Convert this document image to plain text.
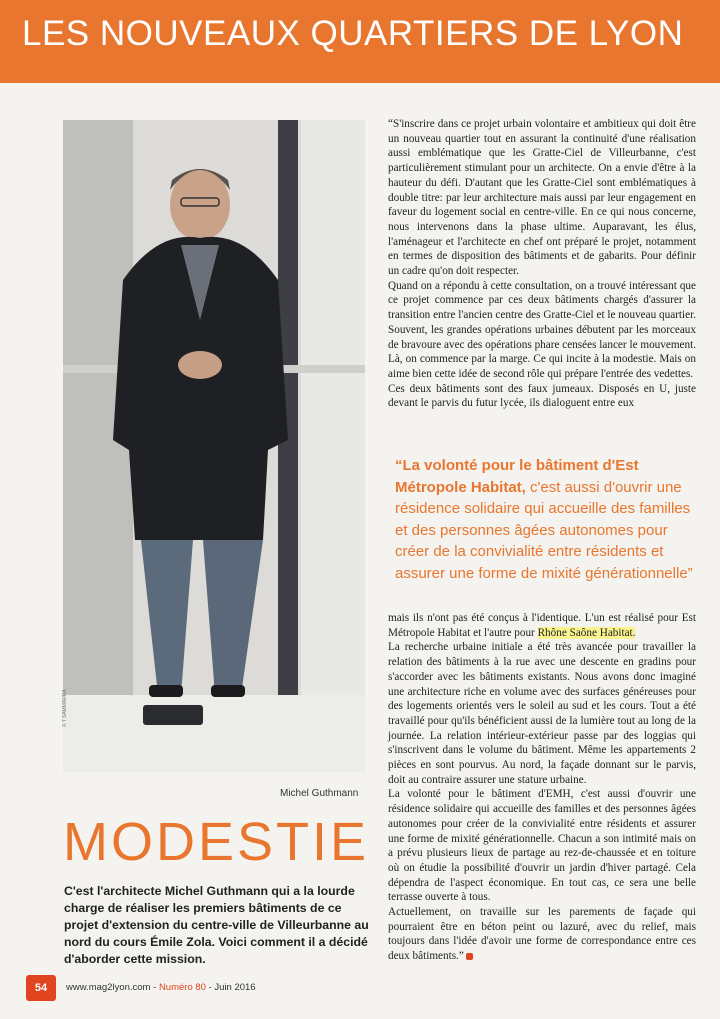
LES NOUVEAUX QUARTIERS DE LYON
© T.SAMMARRA
Michel Guthmann
MODESTIE
C'est l'architecte Michel Guthmann qui a la lourde charge de réaliser les premiers bâtiments de ce projet d'extension du centre-ville de Villeurbanne au nord du cours Émile Zola. Voici comment il a décidé d'aborder cette mission.

“S'inscrire dans ce projet urbain volontaire et ambitieux qui doit être un nouveau quartier tout en assurant la continuité d'une réalisation aussi emblématique que les Gratte-Ciel de Villeurbanne, c'est particulièrement stimulant pour un architecte. On a envie d'être à la hauteur du défi. D'autant que les Gratte-Ciel sont emblématiques à double titre: par leur architecture mais aussi par leur engagement en faveur du logement social en centre-ville. En ce qui nous concerne, nous intervenons dans la phase ultime. Auparavant, les élus, l'aménageur et l'architecte en chef ont préparé le projet, notamment en termes de disposition des bâtiments et de gabarits. Pour définir un cadre qu'on doit respecter.

Quand on a répondu à cette consultation, on a trouvé intéressant que ce projet commence par ces deux bâtiments chargés d'assurer la transition entre l'ancien centre des Gratte-Ciel et le nouveau quartier. Souvent, les grandes opérations urbaines débutent par les morceaux de bravoure avec des opérations phare censées lancer le mouvement. Là, on commence par la marge. Ce qui incite à la modestie. Mais on aime bien cette idée de second rôle qui prépare l'entrée des vedettes.

Ces deux bâtiments sont des faux jumeaux. Disposés en U, juste devant le parvis du futur lycée, ils dialoguent entre eux

“La volonté pour le bâtiment d'Est Métropole Habitat, c'est aussi d'ouvrir une résidence solidaire qui accueille des familles et des personnes âgées autonomes pour créer de la convivialité entre résidents et assurer une forme de mixité générationnelle”

mais ils n'ont pas été conçus à l'identique. L'un est réalisé pour Est Métropole Habitat et l'autre pour Rhône Saône Habitat.

La recherche urbaine initiale a été très avancée pour travailler la relation des bâtiments à la rue avec une descente en gradins pour s'accorder avec les bâtiments existants. Nous avons donc imaginé une architecture riche en volume avec des surfaces généreuses pour des logements orientés vers le soleil au sud et les cours. Tout a été travaillé pour qu'ils bénéficient aussi de la lumière tout au long de la journée. La relation intérieur-extérieur passe par des loggias qui s'inscrivent dans le volume du bâtiment. Même les appartements 2 pièces en sont pourvus. Au nord, la façade donnant sur le parvis, doit au contraire assurer une stature urbaine.

La volonté pour le bâtiment d'EMH, c'est aussi d'ouvrir une résidence solidaire qui accueille des familles et des personnes âgées autonomes pour créer de la convivialité entre résidents et assurer une forme de mixité générationnelle. Chacun a son intimité mais on a prévu plusieurs lieux de partage au rez-de-chaussée et en toiture où on étudie la possibilité d'ouvrir un jardin d'hiver partagé. Cela dépendra de l'aspect économique. En tout cas, ce sera une belle terrasse ouverte à tous.

Actuellement, on travaille sur les parements de façade qui pourraient être en béton peint ou lazuré, avec du relief, mais toujours dans l'idée d'avoir une forme de correspondance entre ces deux bâtiments.”

54	www.mag2lyon.com - Numéro 80 - Juin 2016
